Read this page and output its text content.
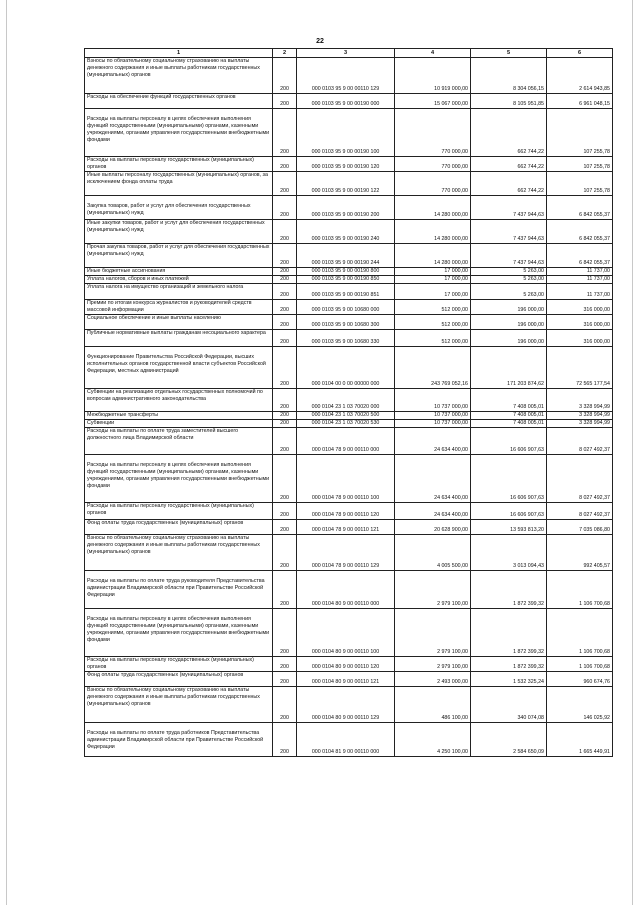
22
1	2	3	4	5	6
Взносы по обязательному социальному страхованию на выплаты денежного содержания и иные выплаты работникам государственных (муниципальных) органов	200	000 0103 95 9 00 00110 129	10 919 000,00	8 304 056,15	2 614 943,85
Расходы на обеспечение функций государственных органов	200	000 0103 95 9 00 00190 000	15 067 000,00	8 105 951,85	6 961 048,15

Расходы на выплаты персоналу в целях обеспечения выполнения функций государственными (муниципальными) органами, казенными учреждениями, органами управления государственными внебюджетными фондами	200	000 0103 95 9 00 00190 100	770 000,00	662 744,22	107 255,78
Расходы на выплаты персоналу государственных (муниципальных) органов	200	000 0103 95 9 00 00190 120	770 000,00	662 744,22	107 255,78
Иные выплаты персоналу государственных (муниципальных) органов, за исключением фонда оплаты труда	200	000 0103 95 9 00 00190 122	770 000,00	662 744,22	107 255,78

Закупка товаров, работ и услуг для обеспечения государственных (муниципальных) нужд	200	000 0103 95 9 00 00190 200	14 280 000,00	7 437 944,63	6 842 055,37
Иные закупки товаров, работ и услуг для обеспечения государственных (муниципальных) нужд	200	000 0103 95 9 00 00190 240	14 280 000,00	7 437 944,63	6 842 055,37
Прочая закупка товаров, работ и услуг для обеспечения государственных (муниципальных) нужд	200	000 0103 95 9 00 00190 244	14 280 000,00	7 437 944,63	6 842 055,37
Иные бюджетные ассигнования	200	000 0103 95 9 00 00190 800	17 000,00	5 263,00	11 737,00
Уплата налогов, сборов и иных платежей	200	000 0103 95 9 00 00190 850	17 000,00	5 263,00	11 737,00
Уплата налога на имущество организаций и земельного налога	200	000 0103 95 9 00 00190 851	17 000,00	5 263,00	11 737,00
Премии по итогам конкурса журналистов и руководителей средств массовой информации	200	000 0103 95 9 00 10680 000	512 000,00	196 000,00	316 000,00
Социальное обеспечение и иные выплаты населению	200	000 0103 95 9 00 10680 300	512 000,00	196 000,00	316 000,00
Публичные нормативные выплаты гражданам несоциального характера	200	000 0103 95 9 00 10680 330	512 000,00	196 000,00	316 000,00

Функционирование Правительства Российской Федерации, высших исполнительных органов государственной власти субъектов Российской Федерации, местных администраций	200	000 0104 00 0 00 00000 000	243 769 052,16	171 203 874,62	72 565 177,54
Субвенции на реализацию отдельных государственных полномочий по вопросам административного законодательства	200	000 0104 23 1 03 70020 000	10 737 000,00	7 408 005,01	3 328 994,99
Межбюджетные трансферты	200	000 0104 23 1 03 70020 500	10 737 000,00	7 408 005,01	3 328 994,99
Субвенции	200	000 0104 23 1 03 70020 530	10 737 000,00	7 408 005,01	3 328 994,99
Расходы на выплаты по оплате труда заместителей высшего должностного лица Владимирской области	200	000 0104 78 9 00 00110 000	24 634 400,00	16 606 907,63	8 027 492,37

Расходы на выплаты персоналу в целях обеспечения выполнения функций государственными (муниципальными) органами, казенными учреждениями, органами управления государственными внебюджетными фондами	200	000 0104 78 9 00 00110 100	24 634 400,00	16 606 907,63	8 027 492,37
Расходы на выплаты персоналу государственных (муниципальных) органов	200	000 0104 78 9 00 00110 120	24 634 400,00	16 606 907,63	8 027 492,37
Фонд оплаты труда государственных (муниципальных) органов	200	000 0104 78 9 00 00110 121	20 628 900,00	13 593 813,20	7 035 086,80
Взносы по обязательному социальному страхованию на выплаты денежного содержания и иные выплаты работникам государственных (муниципальных) органов	200	000 0104 78 9 00 00110 129	4 005 500,00	3 013 094,43	992 405,57

Расходы на выплаты по оплате труда руководителя Представительства администрации Владимирской области при Правительстве Российской Федерации	200	000 0104 80 9 00 00110 000	2 979 100,00	1 872 399,32	1 106 700,68

Расходы на выплаты персоналу в целях обеспечения выполнения функций государственными (муниципальными) органами, казенными учреждениями, органами управления государственными внебюджетными фондами	200	000 0104 80 9 00 00110 100	2 979 100,00	1 872 399,32	1 106 700,68
Расходы на выплаты персоналу государственных (муниципальных) органов	200	000 0104 80 9 00 00110 120	2 979 100,00	1 872 399,32	1 106 700,68
Фонд оплаты труда государственных (муниципальных) органов	200	000 0104 80 9 00 00110 121	2 493 000,00	1 532 325,24	960 674,76
Взносы по обязательному социальному страхованию на выплаты денежного содержания и иные выплаты работникам государственных (муниципальных) органов	200	000 0104 80 9 00 00110 129	486 100,00	340 074,08	146 025,92

Расходы на выплаты по оплате труда работников Представительства администрации Владимирской области при Правительстве Российской Федерации	200	000 0104 81 9 00 00110 000	4 250 100,00	2 584 650,09	1 665 449,91
